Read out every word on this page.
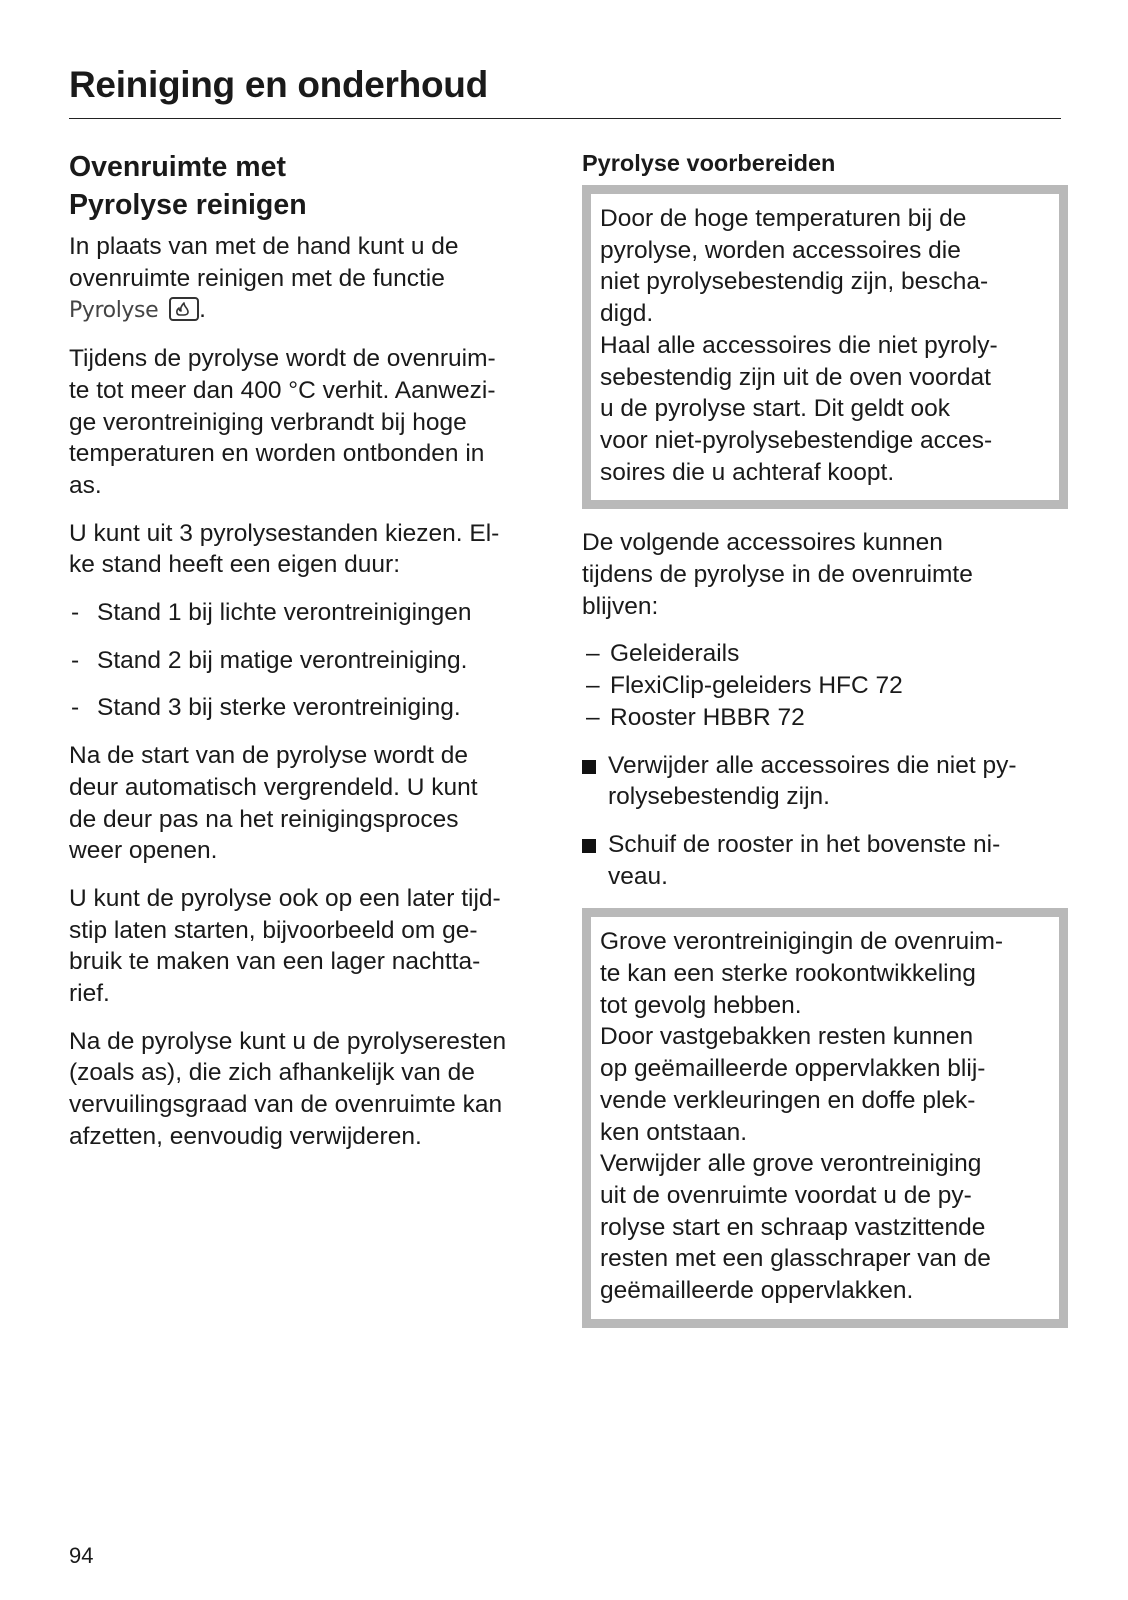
Reiniging en onderhoud
Ovenruimte met
Pyrolyse reinigen

In plaats van met de hand kunt u de
ovenruimte reinigen met de functie
Pyrolyse .

Tijdens de pyrolyse wordt de ovenruim-
te tot meer dan 400 °C verhit. Aanwezi-
ge verontreiniging verbrandt bij hoge
temperaturen en worden ontbonden in
as.

U kunt uit 3 pyrolysestanden kiezen. El-
ke stand heeft een eigen duur:

- Stand 1 bij lichte verontreinigingen
- Stand 2 bij matige verontreiniging.
- Stand 3 bij sterke verontreiniging.

Na de start van de pyrolyse wordt de
deur automatisch vergrendeld. U kunt
de deur pas na het reinigingsproces
weer openen.

U kunt de pyrolyse ook op een later tijd-
stip laten starten, bijvoorbeeld om ge-
bruik te maken van een lager nachtta-
rief.

Na de pyrolyse kunt u de pyrolyseresten
(zoals as), die zich afhankelijk van de
vervuilingsgraad van de ovenruimte kan
afzetten, eenvoudig verwijderen.

Pyrolyse voorbereiden

Door de hoge temperaturen bij de
pyrolyse, worden accessoires die
niet pyrolysebestendig zijn, bescha-
digd.
Haal alle accessoires die niet pyroly-
sebestendig zijn uit de oven voordat
u de pyrolyse start. Dit geldt ook
voor niet-pyrolysebestendige acces-
soires die u achteraf koopt.

De volgende accessoires kunnen
tijdens de pyrolyse in de ovenruimte
blijven:

– Geleiderails
– FlexiClip-geleiders HFC 72
– Rooster HBBR 72

Verwijder alle accessoires die niet py-
rolysebestendig zijn.

Schuif de rooster in het bovenste ni-
veau.

Grove verontreinigingin de ovenruim-
te kan een sterke rookontwikkeling
tot gevolg hebben.
Door vastgebakken resten kunnen
op geëmailleerde oppervlakken blij-
vende verkleuringen en doffe plek-
ken ontstaan.
Verwijder alle grove verontreiniging
uit de ovenruimte voordat u de py-
rolyse start en schraap vastzittende
resten met een glasschraper van de
geëmailleerde oppervlakken.

94
